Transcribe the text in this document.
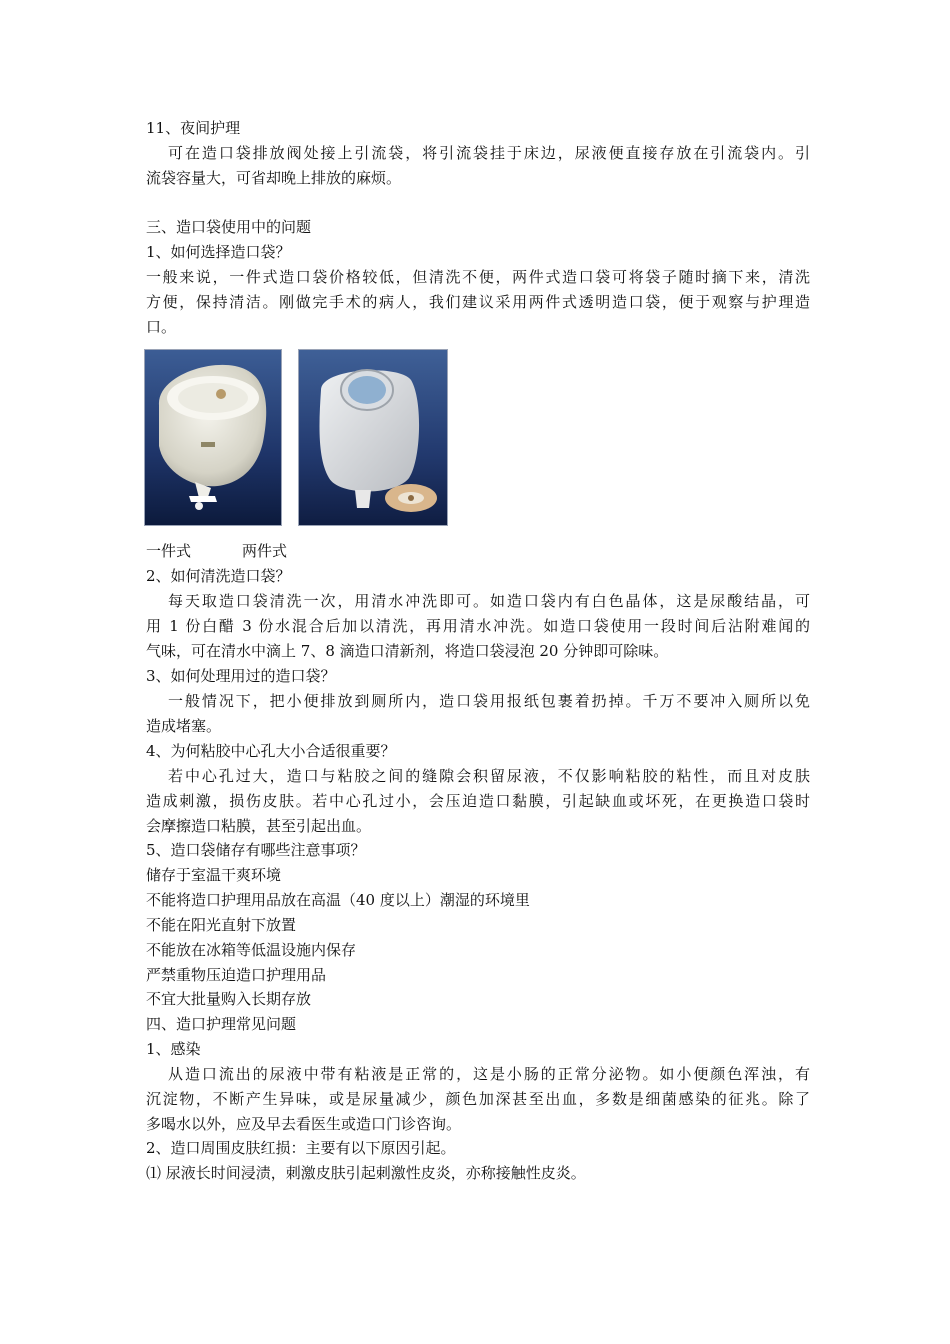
11、夜间护理

可在造口袋排放阀处接上引流袋，将引流袋挂于床边，尿液便直接存放在引流袋内。引

流袋容量大，可省却晚上排放的麻烦。

三、造口袋使用中的问题

1、如何选择造口袋？

一般来说，一件式造口袋价格较低，但清洗不便，两件式造口袋可将袋子随时摘下来，清洗

方便，保持清洁。刚做完手术的病人，我们建议采用两件式透明造口袋，便于观察与护理造

口。

一件式	两件式

2、如何清洗造口袋？

每天取造口袋清洗一次，用清水冲洗即可。如造口袋内有白色晶体，这是尿酸结晶，可

用 1 份白醋 3 份水混合后加以清洗，再用清水冲洗。如造口袋使用一段时间后沾附难闻的

气味，可在清水中滴上 7、8 滴造口清新剂，将造口袋浸泡 20 分钟即可除味。

3、如何处理用过的造口袋？

一般情况下，把小便排放到厕所内，造口袋用报纸包裹着扔掉。千万不要冲入厕所以免

造成堵塞。

4、为何粘胶中心孔大小合适很重要？

若中心孔过大，造口与粘胶之间的缝隙会积留尿液，不仅影响粘胶的粘性，而且对皮肤

造成刺激，损伤皮肤。若中心孔过小，会压迫造口黏膜，引起缺血或坏死，在更换造口袋时

会摩擦造口粘膜，甚至引起出血。

5、造口袋储存有哪些注意事项？

储存于室温干爽环境

不能将造口护理用品放在高温（40 度以上）潮湿的环境里

不能在阳光直射下放置

不能放在冰箱等低温设施内保存

严禁重物压迫造口护理用品

不宜大批量购入长期存放

四、造口护理常见问题

1、感染

从造口流出的尿液中带有粘液是正常的，这是小肠的正常分泌物。如小便颜色浑浊，有

沉淀物，不断产生异味，或是尿量减少，颜色加深甚至出血，多数是细菌感染的征兆。除了

多喝水以外，应及早去看医生或造口门诊咨询。

2、造口周围皮肤红损：主要有以下原因引起。

⑴ 尿液长时间浸渍，刺激皮肤引起刺激性皮炎，亦称接触性皮炎。
